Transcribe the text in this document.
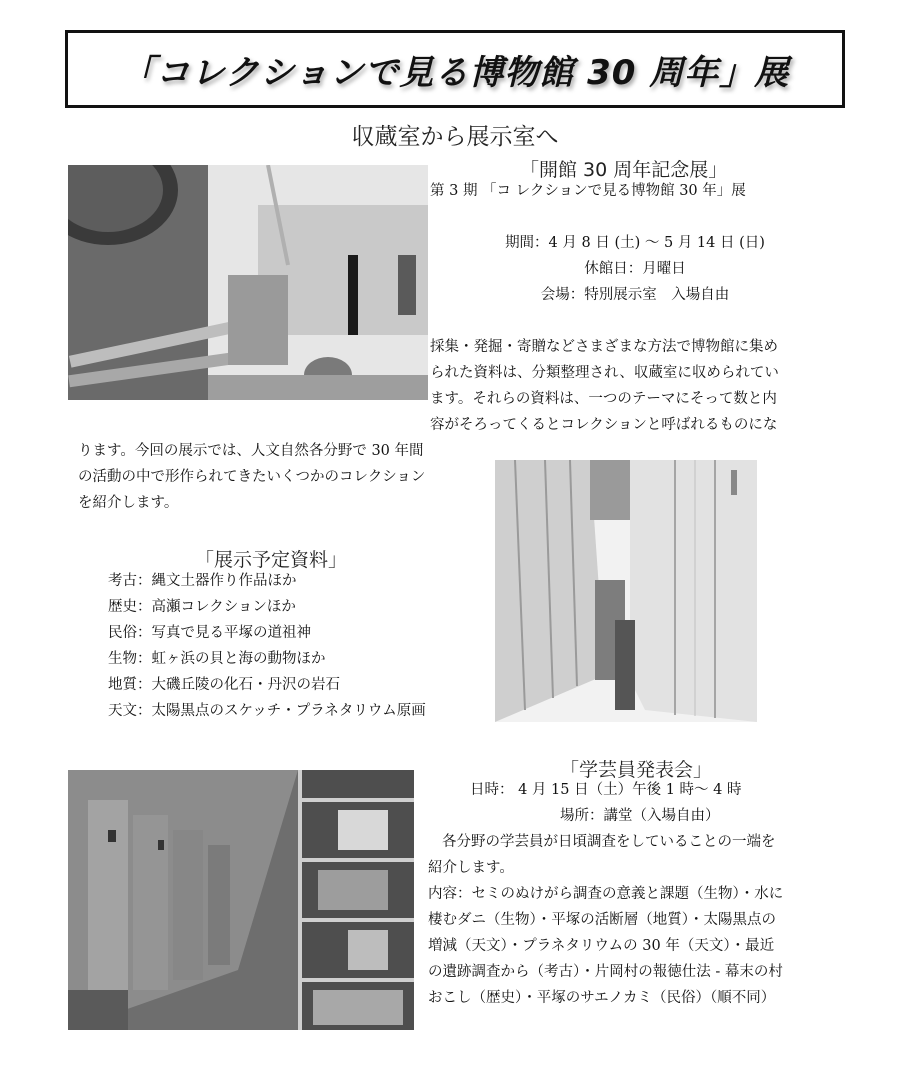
「コレクションで見る博物館 30 周年」展
収蔵室から展示室へ
「開館 30 周年記念展」
第 3 期 「コ レクションで見る博物館 30 年」展
期間：4 月 8 日 (土) ～ 5 月 14 日 (日)
休館日：月曜日
会場：特別展示室　入場自由
採集・発掘・寄贈などさまざまな方法で博物館に集め
られた資料は、分類整理され、収蔵室に収められてい
ます。それらの資料は、一つのテーマにそって数と内
容がそろってくるとコレクションと呼ばれるものにな
ります。今回の展示では、人文自然各分野で 30 年間
の活動の中で形作られてきたいくつかのコレクション
を紹介します。
「展示予定資料」
考古：縄文土器作り作品ほか
歴史：高瀬コレクションほか
民俗：写真で見る平塚の道祖神
生物：虹ヶ浜の貝と海の動物ほか
地質：大磯丘陵の化石・丹沢の岩石
天文：太陽黒点のスケッチ・プラネタリウム原画
「学芸員発表会」
日時： 4 月 15 日（土）午後 1 時～ 4 時
場所：講堂（入場自由）
各分野の学芸員が日頃調査をしていることの一端を
紹介します。
内容：セミのぬけがら調査の意義と課題（生物）・水に
棲むダニ（生物）・平塚の活断層（地質）・太陽黒点の
増減（天文）・プラネタリウムの 30 年（天文）・最近
の遺跡調査から（考古）・片岡村の報徳仕法 - 幕末の村
おこし（歴史）・平塚のサエノカミ（民俗）（順不同）
